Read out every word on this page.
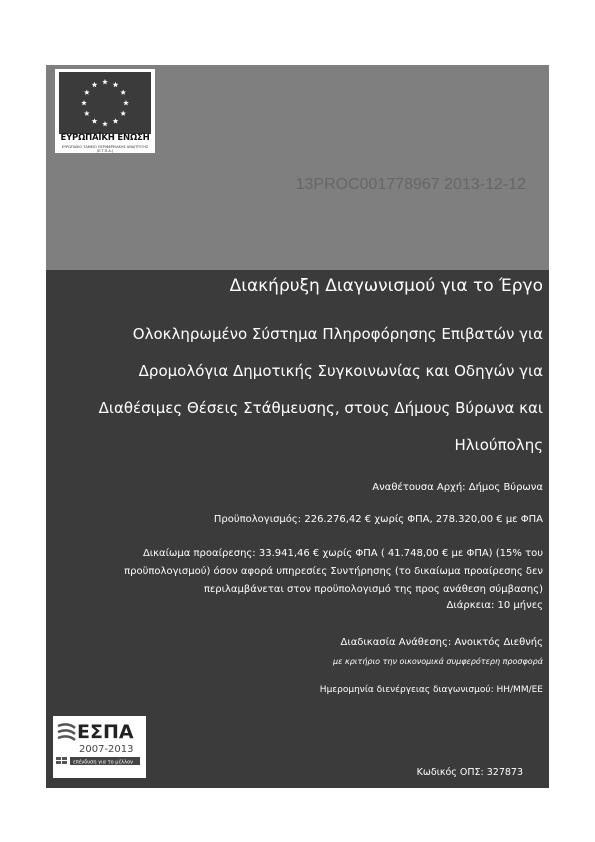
ΕΥΡΩΠΑΪΚΗ ΕΝΩΣΗ
ΕΥΡΩΠΑΪΚΟ ΤΑΜΕΙΟ ΠΕΡΙΦΕΡΕΙΑΚΗΣ ΑΝΑΠΤΥΞΗΣ (Ε.Τ.Π.Α.)
13PROC001778967 2013-12-12
Διακήρυξη Διαγωνισμού για το Έργο
Ολοκληρωμένο Σύστημα Πληροφόρησης Επιβατών για
Δρομολόγια Δημοτικής Συγκοινωνίας και Οδηγών για
Διαθέσιμες Θέσεις Στάθμευσης, στους Δήμους Βύρωνα και
Ηλιούπολης
Αναθέτουσα Αρχή: Δήμος Βύρωνα
Προϋπολογισμός: 226.276,42 € χωρίς ΦΠΑ, 278.320,00 € με ΦΠΑ
Δικαίωμα προαίρεσης: 33.941,46 € χωρίς ΦΠΑ ( 41.748,00 € με ΦΠΑ) (15% του προϋπολογισμού) όσον αφορά υπηρεσίες Συντήρησης (το δικαίωμα προαίρεσης δεν περιλαμβάνεται στον προϋπολογισμό της προς ανάθεση σύμβασης)
Διάρκεια: 10 μήνες
Διαδικασία Ανάθεσης: Ανοικτός Διεθνής
με κριτήριο την οικονομικά συμφερότερη προσφορά
Ημερομηνία διενέργειας διαγωνισμού: ΗΗ/ΜΜ/ΕΕ
ΕΣΠΑ
2007-2013
επένδυση για το μέλλον
Κωδικός ΟΠΣ: 327873
